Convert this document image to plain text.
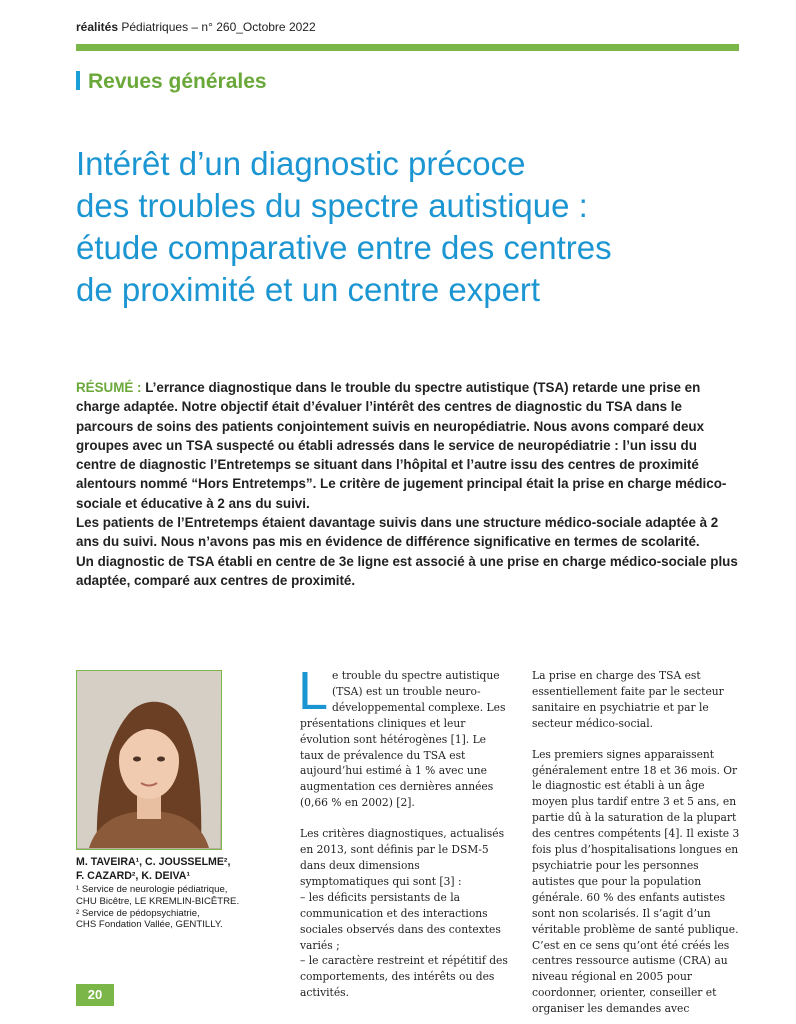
réalités Pédiatriques – n° 260_Octobre 2022
Revues générales
Intérêt d’un diagnostic précoce
des troubles du spectre autistique :
étude comparative entre des centres
de proximité et un centre expert

RÉSUMÉ : L’errance diagnostique dans le trouble du spectre autistique (TSA) retarde une prise en charge adaptée. Notre objectif était d’évaluer l’intérêt des centres de diagnostic du TSA dans le parcours de soins des patients conjointement suivis en neuropédiatrie. Nous avons comparé deux groupes avec un TSA suspecté ou établi adressés dans le service de neuropédiatrie : l’un issu du centre de diagnostic l’Entretemps se situant dans l’hôpital et l’autre issu des centres de proximité alentours nommé “Hors Entretemps”. Le critère de jugement principal était la prise en charge médico-sociale et éducative à 2 ans du suivi.

Les patients de l’Entretemps étaient davantage suivis dans une structure médico-sociale adaptée à 2 ans du suivi. Nous n’avons pas mis en évidence de différence significative en termes de scolarité.

Un diagnostic de TSA établi en centre de 3e ligne est associé à une prise en charge médico-sociale plus adaptée, comparé aux centres de proximité.

M. TAVEIRA¹, C. JOUSSELME²,
F. CAZARD², K. DEIVA¹
¹ Service de neurologie pédiatrique,
CHU Bicêtre, LE KREMLIN-BICÊTRE.
² Service de pédopsychiatrie,
CHS Fondation Vallée, GENTILLY.

Le trouble du spectre autistique (TSA) est un trouble neuro-développemental complexe. Les présentations cliniques et leur évolution sont hétérogènes [1]. Le taux de prévalence du TSA est aujourd’hui estimé à 1 % avec une augmentation ces dernières années (0,66 % en 2002) [2].

Les critères diagnostiques, actualisés en 2013, sont définis par le DSM-5 dans deux dimensions symptomatiques qui sont [3] :

– les déficits persistants de la communication et des interactions sociales observés dans des contextes variés ;

– le caractère restreint et répétitif des comportements, des intérêts ou des activités.

La prise en charge des TSA est essentiellement faite par le secteur sanitaire en psychiatrie et par le secteur médico-social.

Les premiers signes apparaissent généralement entre 18 et 36 mois. Or le diagnostic est établi à un âge moyen plus tardif entre 3 et 5 ans, en partie dû à la saturation de la plupart des centres compétents [4]. Il existe 3 fois plus d’hospitalisations longues en psychiatrie pour les personnes autistes que pour la population générale. 60 % des enfants autistes sont non scolarisés. Il s’agit d’un véritable problème de santé publique. C’est en ce sens qu’ont été créés les centres ressource autisme (CRA) au niveau régional en 2005 pour coordonner, orienter, conseiller et organiser les demandes avec

20
